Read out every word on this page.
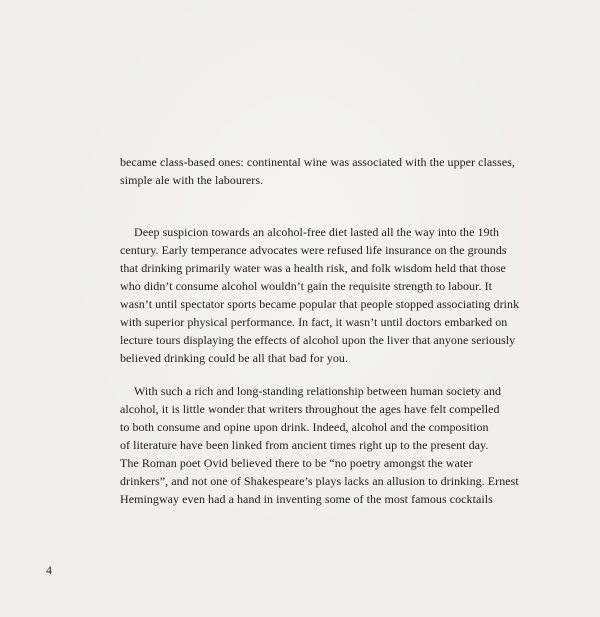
became class-based ones: continental wine was associated with the upper classes,
simple ale with the labourers.
Deep suspicion towards an alcohol-free diet lasted all the way into the 19th
century. Early temperance advocates were refused life insurance on the grounds
that drinking primarily water was a health risk, and folk wisdom held that those
who didn’t consume alcohol wouldn’t gain the requisite strength to labour. It
wasn’t until spectator sports became popular that people stopped associating drink
with superior physical performance. In fact, it wasn’t until doctors embarked on
lecture tours displaying the effects of alcohol upon the liver that anyone seriously
believed drinking could be all that bad for you.
With such a rich and long-standing relationship between human society and
alcohol, it is little wonder that writers throughout the ages have felt compelled
to both consume and opine upon drink. Indeed, alcohol and the composition
of literature have been linked from ancient times right up to the present day.
The Roman poet Ovid believed there to be “no poetry amongst the water
drinkers”, and not one of Shakespeare’s plays lacks an allusion to drinking. Ernest
Hemingway even had a hand in inventing some of the most famous cocktails
4
